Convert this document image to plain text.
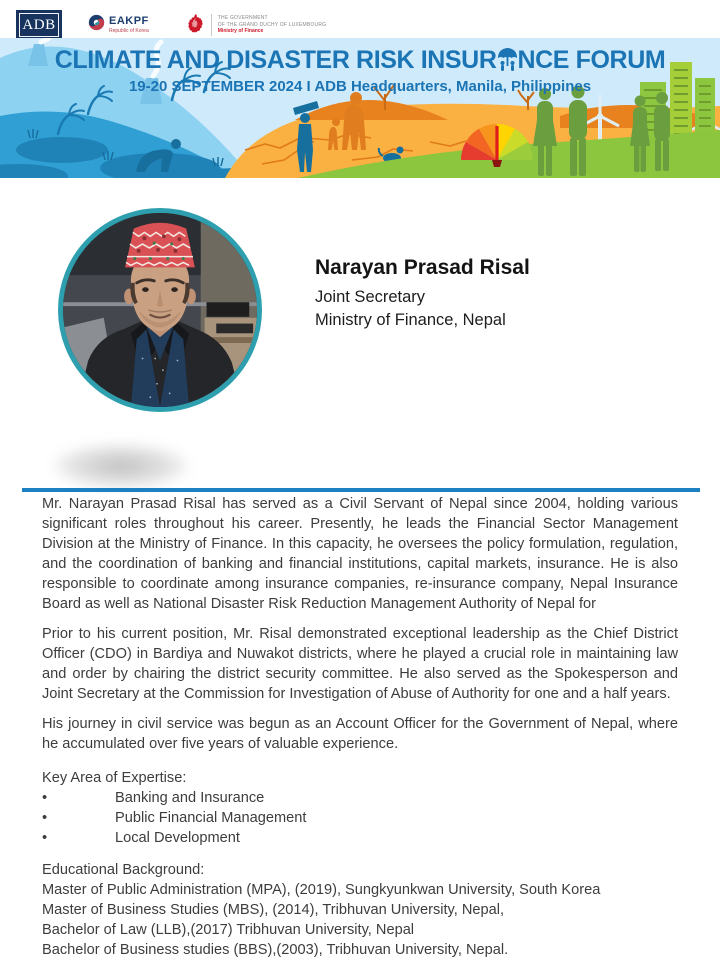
ADB	EAKPF
Republic of Korea
THE GOVERNMENT
OF THE GRAND DUCHY OF LUXEMBOURG
Ministry of Finance
CLIMATE AND DISASTER RISK INSUR NCE FORUM
19-20 SEPTEMBER 2024 I ADB Headquarters, Manila, Philippines
Narayan Prasad Risal
Joint Secretary
Ministry of Finance, Nepal

Mr. Narayan Prasad Risal has served as a Civil Servant of Nepal since 2004, holding various significant roles throughout his career. Presently, he leads the Financial Sector Management Division at the Ministry of Finance. In this capacity, he oversees the policy formulation, regulation, and the coordination of banking and financial institutions, capital markets, insurance. He is also responsible to coordinate among insurance companies, re-insurance company, Nepal Insurance Board as well as National Disaster Risk Reduction Management Authority of Nepal for

Prior to his current position, Mr. Risal demonstrated exceptional leadership as the Chief District Officer (CDO) in Bardiya and Nuwakot districts, where he played a crucial role in maintaining law and order by chairing the district security committee. He also served as the Spokesperson and Joint Secretary at the Commission for Investigation of Abuse of Authority for one and a half years.

His journey in civil service was begun as an Account Officer for the Government of Nepal, where he accumulated over five years of valuable experience.

Key Area of Expertise:
•	Banking and Insurance
•	Public Financial Management
•	Local Development
Educational Background:
Master of Public Administration (MPA), (2019), Sungkyunkwan University, South Korea
Master of Business Studies (MBS), (2014), Tribhuvan University, Nepal,
Bachelor of Law (LLB),(2017) Tribhuvan University, Nepal
Bachelor of Business studies (BBS),(2003), Tribhuvan University, Nepal.
